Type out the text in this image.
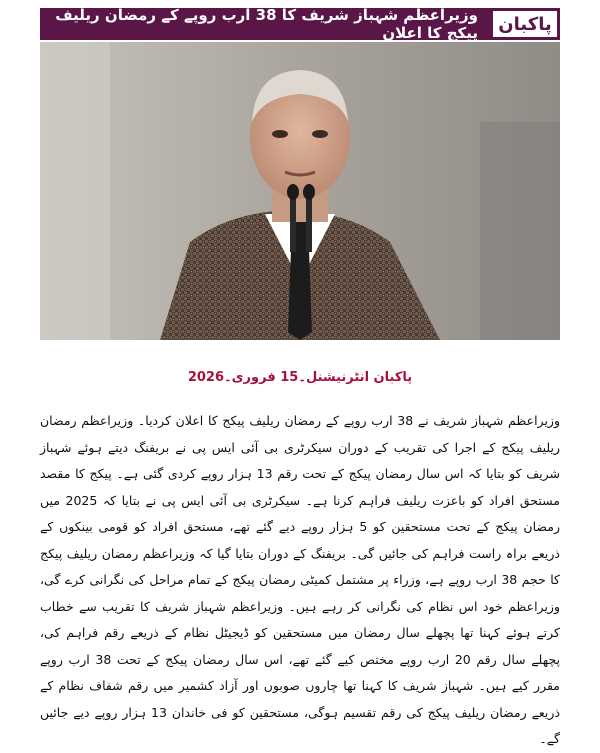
وزیراعظم شہباز شریف کا 38 ارب روپے کے رمضان ریلیف پیکج کا اعلان پاکبان
پاکبان انٹرنیشنل۔15 فروری۔2026
وزیراعظم شہباز شریف نے 38 ارب روپے کے رمضان ریلیف پیکج کا اعلان کردیا۔ وزیراعظم رمضان ریلیف پیکج کے اجرا کی تقریب کے دوران سیکرٹری بی آئی ایس پی نے بریفنگ دیتے ہوئے شہباز شریف کو بتایا کہ اس سال رمضان پیکج کے تحت رقم 13 ہزار روپے کردی گئی ہے۔ پیکج کا مقصد مستحق افراد کو باعزت ریلیف فراہم کرنا ہے۔ سیکرٹری بی آئی ایس پی نے بتایا کہ 2025 میں رمضان پیکج کے تحت مستحقین کو 5 ہزار روپے دیے گئے تھے، مستحق افراد کو قومی بینکوں کے ذریعے براہ راست فراہم کی جائیں گی۔ بریفنگ کے دوران بتایا گیا کہ وزیراعظم رمضان ریلیف پیکج کا حجم 38 ارب روپے ہے، وزراء پر مشتمل کمیٹی رمضان پیکج کے تمام مراحل کی نگرانی کرے گی، وزیراعظم خود اس نظام کی نگرانی کر رہے ہیں۔ وزیراعظم شہباز شریف کا تقریب سے خطاب کرتے ہوئے کہنا تھا پچھلے سال رمضان میں مستحقین کو ڈیجیٹل نظام کے ذریعے رقم فراہم کی، پچھلے سال رقم 20 ارب روپے مختص کیے گئے تھے، اس سال رمضان پیکج کے تحت 38 ارب روپے مقرر کیے ہیں۔ شہباز شریف کا کہنا تھا چاروں صوبوں اور آزاد کشمیر میں رقم شفاف نظام کے ذریعے رمضان ریلیف پیکج کی رقم تقسیم ہوگی، مستحقین کو فی خاندان 13 ہزار روپے دیے جائیں گے۔
